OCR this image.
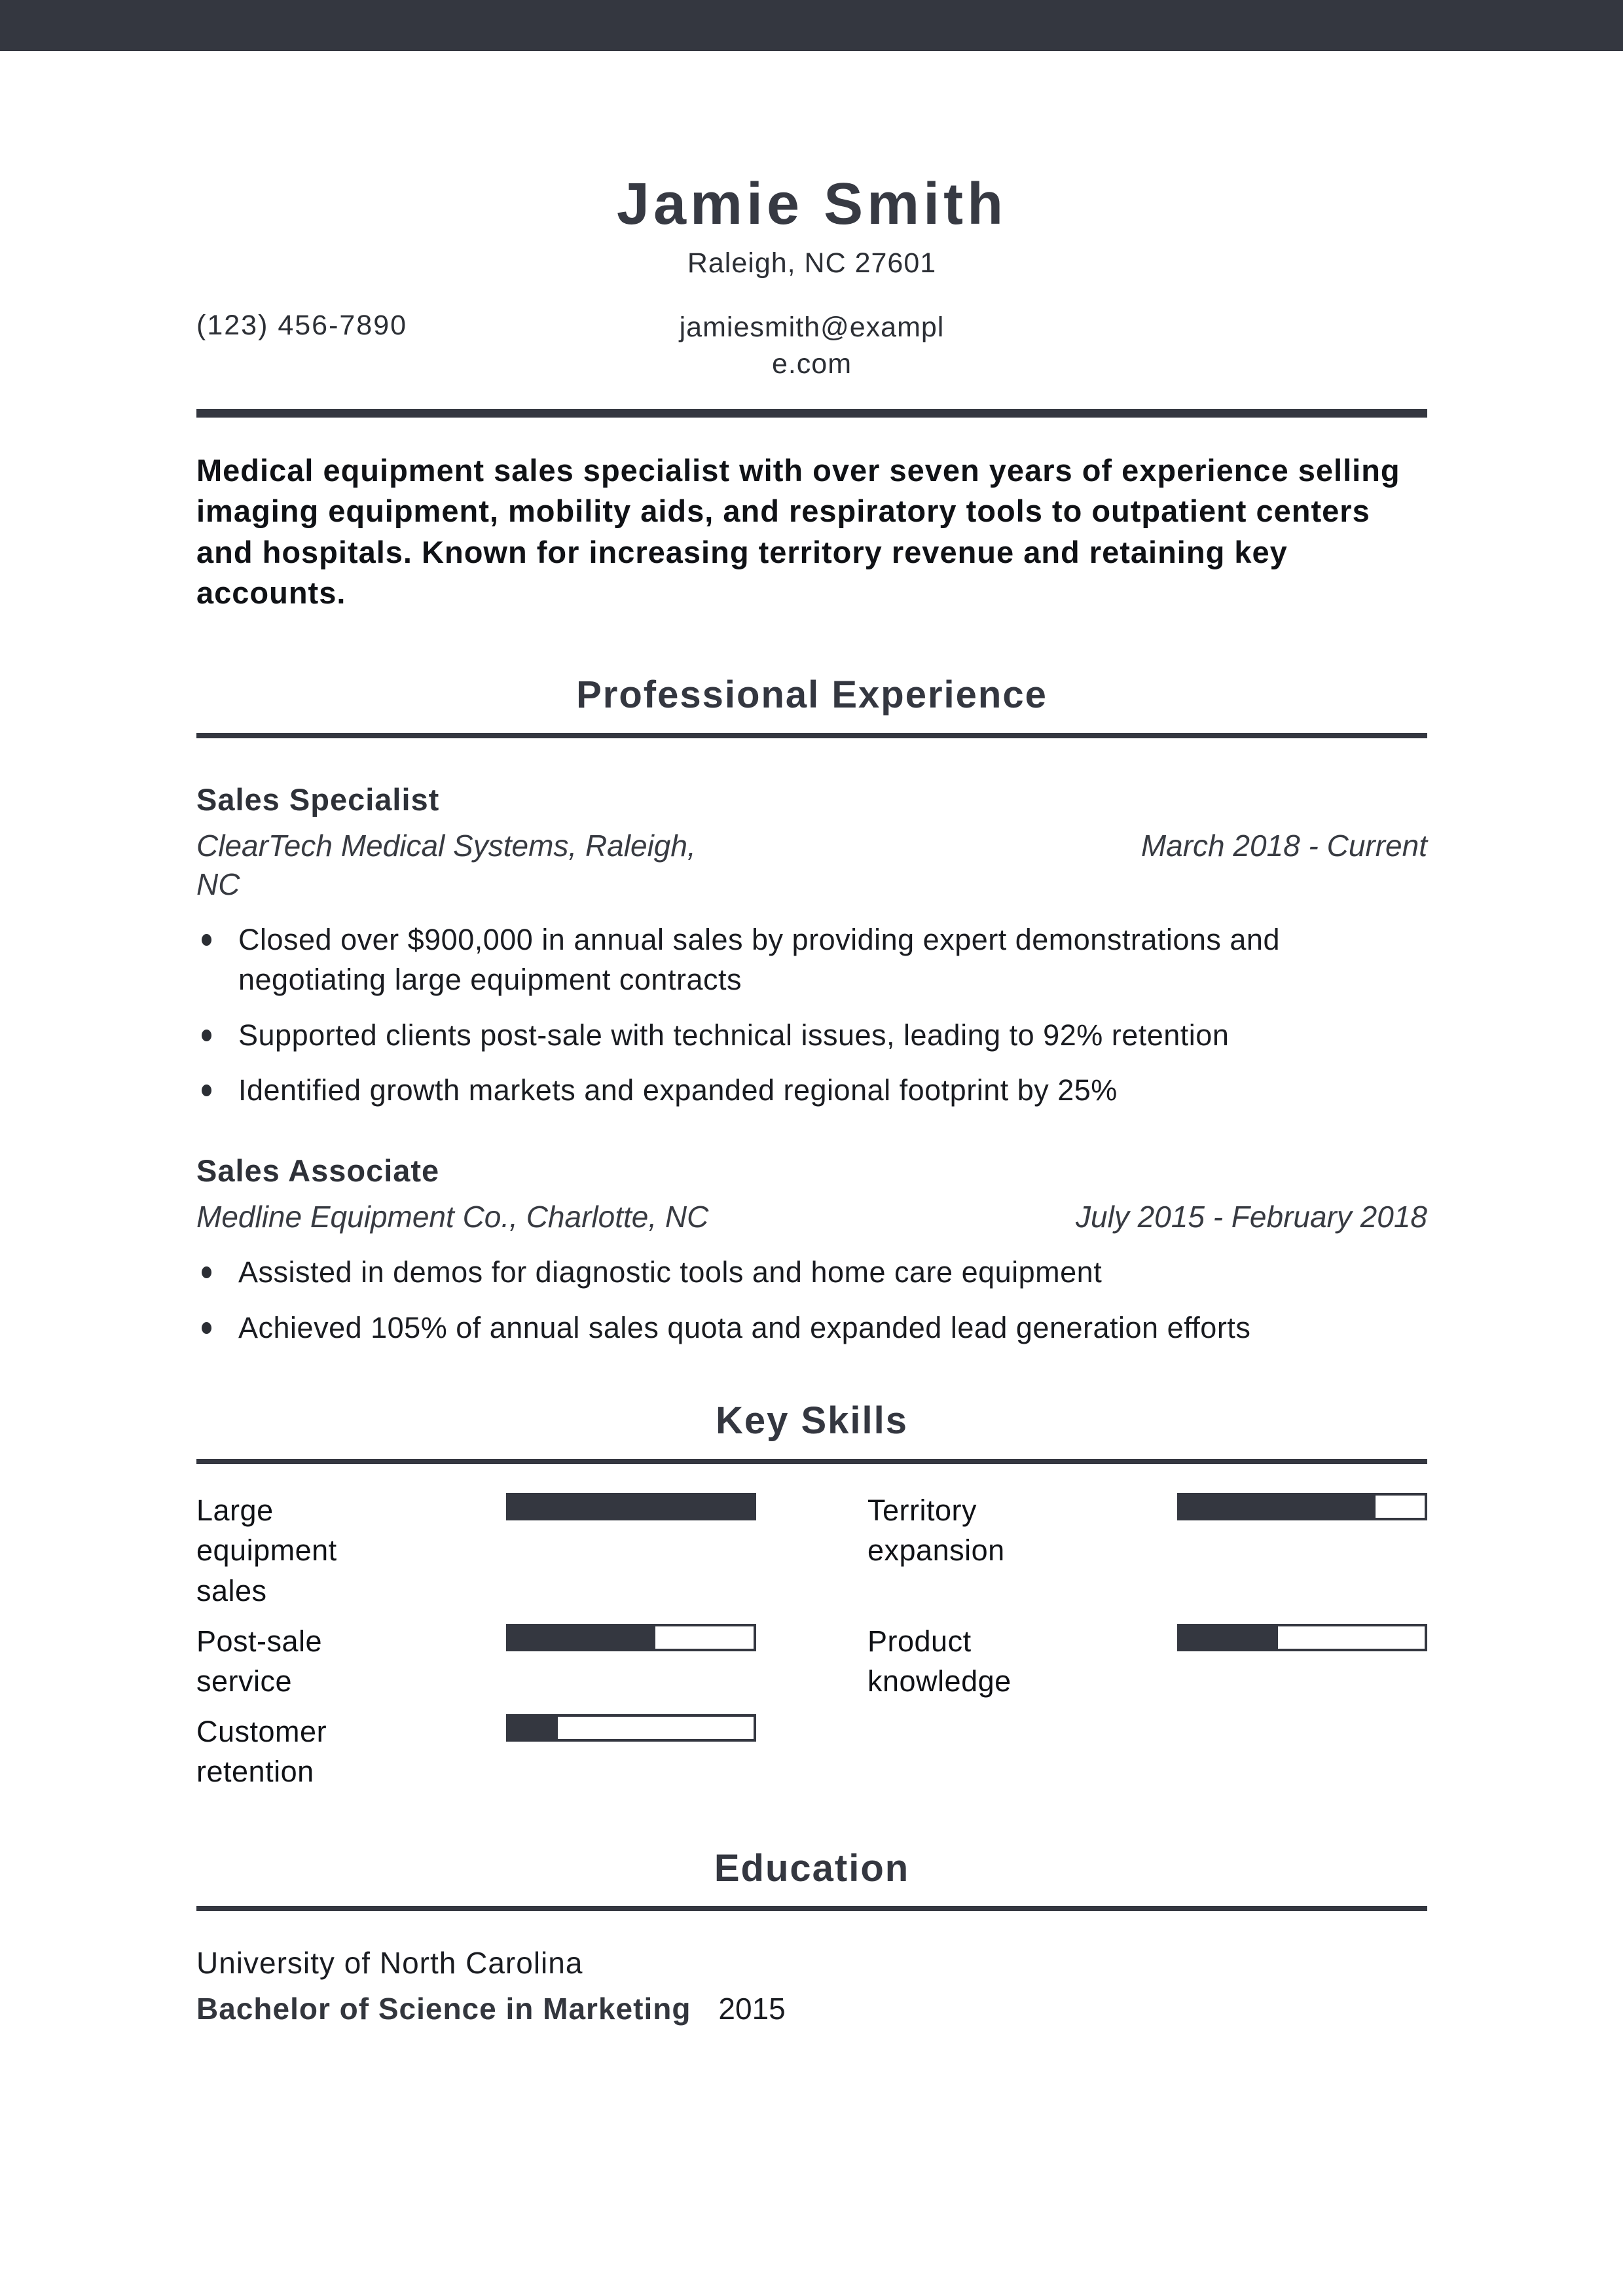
Jamie Smith
Raleigh, NC 27601
(123) 456-7890	jamiesmith@example.com

Medical equipment sales specialist with over seven years of experience selling imaging equipment, mobility aids, and respiratory tools to outpatient centers and hospitals. Known for increasing territory revenue and retaining key accounts.

Professional Experience
Sales Specialist
ClearTech Medical Systems, Raleigh, NC
March 2018 - Current
Closed over $900,000 in annual sales by providing expert demonstrations and negotiating large equipment contracts
Supported clients post-sale with technical issues, leading to 92% retention
Identified growth markets and expanded regional footprint by 25%
Sales Associate
Medline Equipment Co., Charlotte, NC	July 2015 - February 2018
Assisted in demos for diagnostic tools and home care equipment
Achieved 105% of annual sales quota and expanded lead generation efforts
Key Skills
Large equipment sales
Territory expansion
Post-sale service
Product knowledge
Customer retention
Education
University of North Carolina
Bachelor of Science in Marketing 2015
